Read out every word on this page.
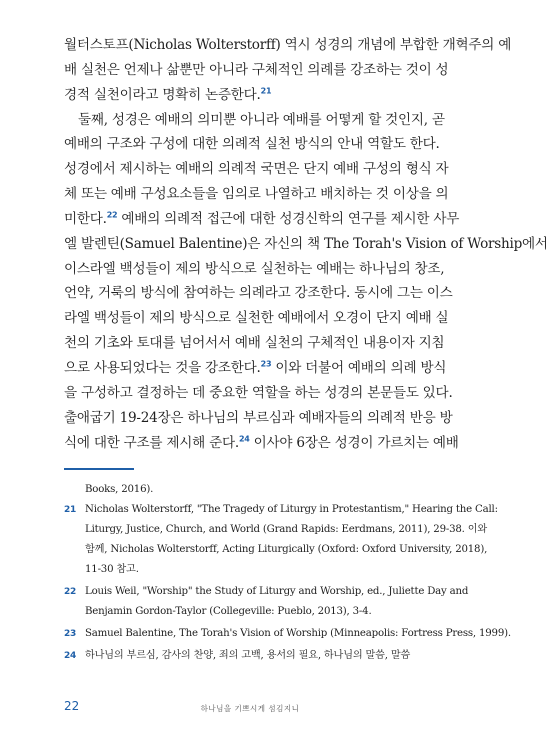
월터스토프(Nicholas Wolterstorff) 역시 성경의 개념에 부합한 개혁주의 예
배 실천은 언제나 삶뿐만 아니라 구체적인 의례를 강조하는 것이 성
경적 실천이라고 명확히 논증한다.$^{21}$
둘째, 성경은 예배의 의미뿐 아니라 예배를 어떻게 할 것인지, 곧
예배의 구조와 구성에 대한 의례적 실천 방식의 안내 역할도 한다.
성경에서 제시하는 예배의 의례적 국면은 단지 예배 구성의 형식 자
체 또는 예배 구성요소들을 임의로 나열하고 배치하는 것 이상을 의
미한다.$^{22}$ 예배의 의례적 접근에 대한 성경신학의 연구를 제시한 사무
엘 발렌틴(Samuel Balentine)은 자신의 책 The Torah's Vision of Worship에서
이스라엘 백성들이 제의 방식으로 실천하는 예배는 하나님의 창조,
언약, 거룩의 방식에 참여하는 의례라고 강조한다. 동시에 그는 이스
라엘 백성들이 제의 방식으로 실천한 예배에서 오경이 단지 예배 실
천의 기초와 토대를 넘어서서 예배 실천의 구체적인 내용이자 지침
으로 사용되었다는 것을 강조한다.$^{23}$ 이와 더불어 예배의 의례 방식
을 구성하고 결정하는 데 중요한 역할을 하는 성경의 본문들도 있다.
출애굽기 19-24장은 하나님의 부르심과 예배자들의 의례적 반응 방
식에 대한 구조를 제시해 준다.$^{24}$ 이사야 6장은 성경이 가르치는 예배
Books, 2016).
21 Nicholas Wolterstorff, "The Tragedy of Liturgy in Protestantism," Hearing the Call:
Liturgy, Justice, Church, and World (Grand Rapids: Eerdmans, 2011), 29-38. 이와
함께, Nicholas Wolterstorff, Acting Liturgically (Oxford: Oxford University, 2018),
11-30 참고.
22 Louis Weil, "Worship" the Study of Liturgy and Worship, ed., Juliette Day and
Benjamin Gordon-Taylor (Collegeville: Pueblo, 2013), 3-4.
23 Samuel Balentine, The Torah's Vision of Worship (Minneapolis: Fortress Press, 1999).
24 하나님의 부르심, 감사의 찬양, 죄의 고백, 용서의 필요, 하나님의 말씀, 말씀
22	하나님을 기쁘시게 섬김지니
